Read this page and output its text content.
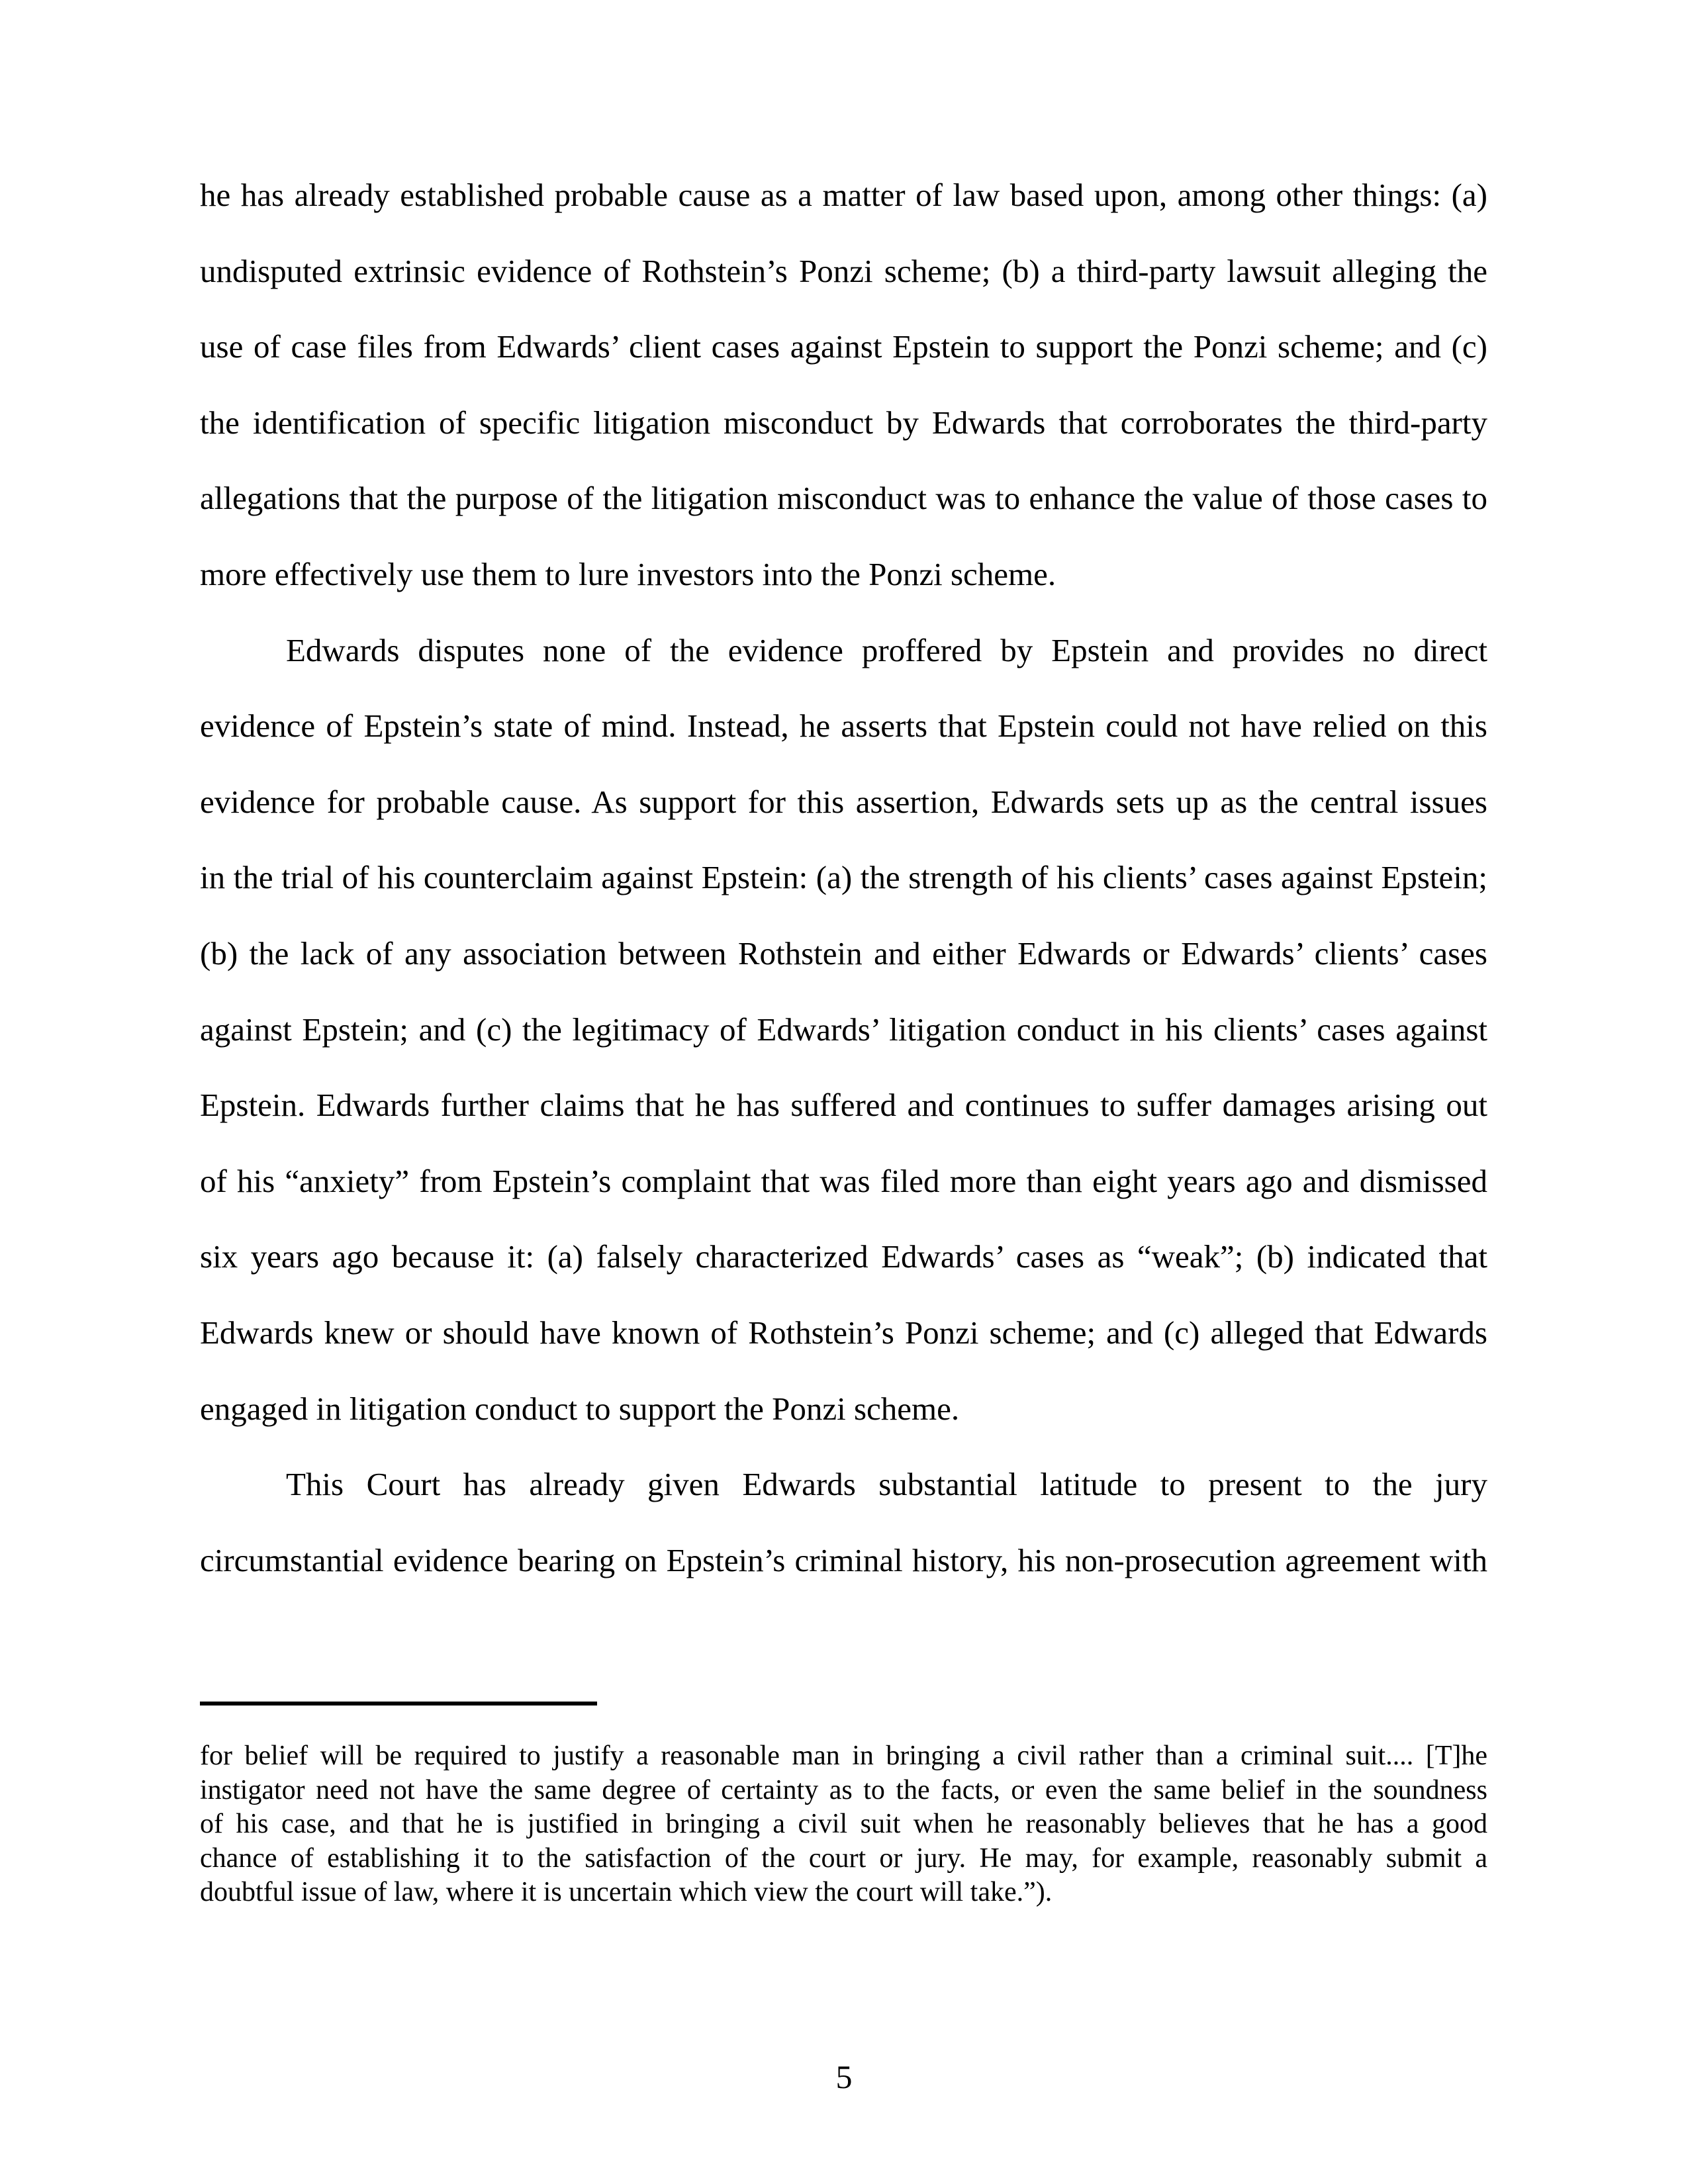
he has already established probable cause as a matter of law based upon, among other things: (a)
undisputed extrinsic evidence of Rothstein’s Ponzi scheme; (b) a third-party lawsuit alleging the
use of case files from Edwards’ client cases against Epstein to support the Ponzi scheme; and (c)
the identification of specific litigation misconduct by Edwards that corroborates the third-party
allegations that the purpose of the litigation misconduct was to enhance the value of those cases to
more effectively use them to lure investors into the Ponzi scheme.
Edwards disputes none of the evidence proffered by Epstein and provides no direct
evidence of Epstein’s state of mind. Instead, he asserts that Epstein could not have relied on this
evidence for probable cause. As support for this assertion, Edwards sets up as the central issues
in the trial of his counterclaim against Epstein: (a) the strength of his clients’ cases against Epstein;
(b) the lack of any association between Rothstein and either Edwards or Edwards’ clients’ cases
against Epstein; and (c) the legitimacy of Edwards’ litigation conduct in his clients’ cases against
Epstein. Edwards further claims that he has suffered and continues to suffer damages arising out
of his “anxiety” from Epstein’s complaint that was filed more than eight years ago and dismissed
six years ago because it: (a) falsely characterized Edwards’ cases as “weak”; (b) indicated that
Edwards knew or should have known of Rothstein’s Ponzi scheme; and (c) alleged that Edwards
engaged in litigation conduct to support the Ponzi scheme.
This Court has already given Edwards substantial latitude to present to the jury
circumstantial evidence bearing on Epstein’s criminal history, his non-prosecution agreement with
for belief will be required to justify a reasonable man in bringing a civil rather than a criminal suit.... [T]he
instigator need not have the same degree of certainty as to the facts, or even the same belief in the soundness
of his case, and that he is justified in bringing a civil suit when he reasonably believes that he has a good
chance of establishing it to the satisfaction of the court or jury. He may, for example, reasonably submit a
doubtful issue of law, where it is uncertain which view the court will take.”).
5
